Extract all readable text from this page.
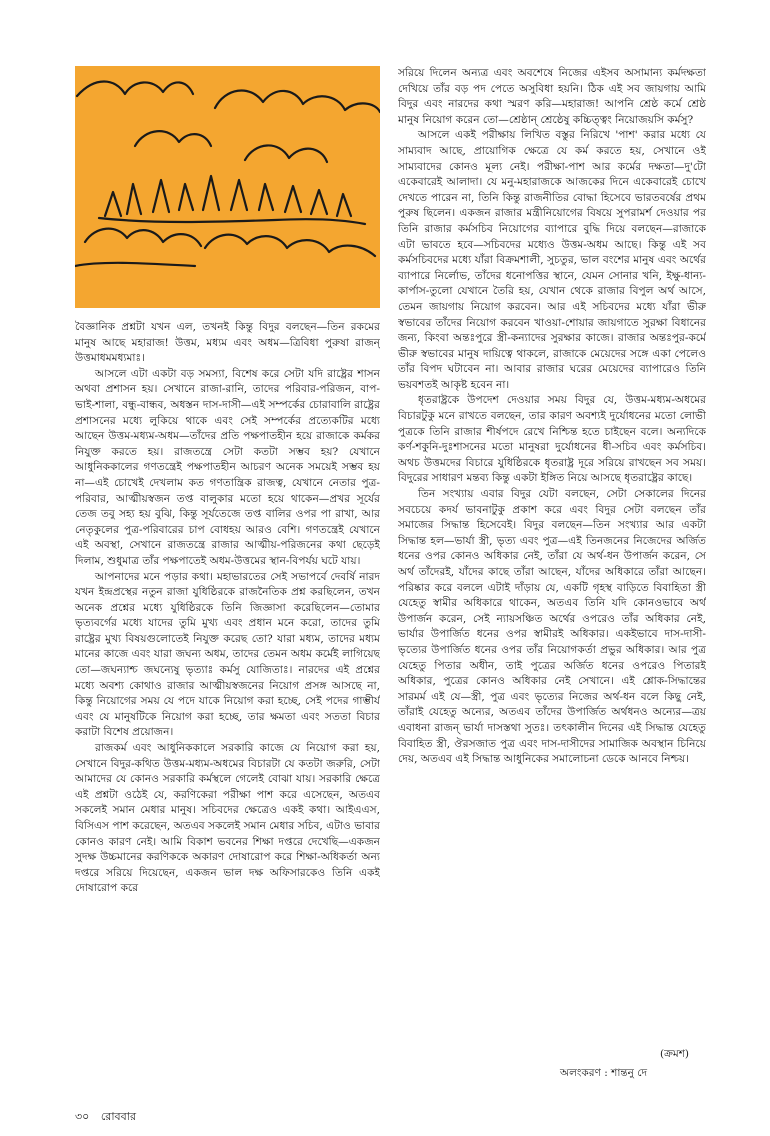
বৈজ্ঞানিক প্রশ্নটা যখন এল, তখনই কিন্তু বিদুর বলছেন—তিন রকমের মানুষ আছে মহারাজ! উত্তম, মধ্যম এবং অধম—ত্রিবিধা পুরুষা রাজন্ উত্তমাধমমধ্যমাঃ।

আসলে এটা একটা বড় সমস্যা, বিশেষ করে সেটা যদি রাষ্ট্রের শাসন অথবা প্রশাসন হয়। সেখানে রাজা-রানি, তাদের পরিবার-পরিজন, বাপ-ভাই-শালা, বন্ধু-বান্ধব, অধস্তন দাস-দাসী—এই সম্পর্কের চোরাবালি রাষ্ট্রের প্রশাসনের মধ্যে লুকিয়ে থাকে এবং সেই সম্পর্কের প্রত্যেকটির মধ্যে আছেন উত্তম-মধ্যম-অধম—তাঁদের প্রতি পক্ষপাতহীন হয়ে রাজাকে কর্মকর নিযুক্ত করতে হয়। রাজতন্ত্রে সেটা কতটা সম্ভব হয়? যেখানে আধুনিককালের গণতন্ত্রেই পক্ষপাতহীন আচরণ অনেক সময়েই সম্ভব হয় না—এই চোখেই দেখলাম কত গণতান্ত্রিক রাজত্ব, যেখানে নেতার পুত্র-পরিবার, আত্মীয়স্বজন তপ্ত বালুকার মতো হয়ে থাকেন—প্রখর সূর্যের তেজ তবু সহ্য হয় বুঝি, কিন্তু সূর্যতেজে তপ্ত বালির ওপর পা রাখা, আর নেতৃকুলের পুত্র-পরিবারের চাপ বোধহয় আরও বেশি। গণতন্ত্রেই যেখানে এই অবস্থা, সেখানে রাজতন্ত্রে রাজার আত্মীয়-পরিজনের কথা ছেড়েই দিলাম, শুধুমাত্র তাঁর পক্ষপাতেই অধম-উত্তমের স্থান-বিপর্যয় ঘটে যায়।

আপনাদের মনে পড়ার কথা। মহাভারতের সেই সভাপর্বে দেবর্ষি নারদ যখন ইন্দ্রপ্রস্থের নতুন রাজা যুধিষ্ঠিরকে রাজনৈতিক প্রশ্ন করছিলেন, তখন অনেক প্রশ্নের মধ্যে যুধিষ্ঠিরকে তিনি জিজ্ঞাসা করেছিলেন—তোমার ভৃত্যবর্গের মধ্যে যাদের তুমি মুখ্য এবং প্রধান মনে করো, তাদের তুমি রাষ্ট্রের মুখ্য বিষয়গুলোতেই নিযুক্ত করেছ তো? যারা মধ্যম, তাদের মধ্যম মানের কাজে এবং যারা জঘন্য অধম, তাদের তেমন অধম কর্মেই লাগিয়েছ তো—জঘন্যাশ্চ জঘন্যেষু ভৃত্যাঃ কর্মসু যোজিতাঃ। নারদের এই প্রশ্নের মধ্যে অবশ্য কোথাও রাজার আত্মীয়স্বজনের নিয়োগ প্রসঙ্গ আসছে না, কিন্তু নিয়োগের সময় যে পদে যাকে নিয়োগ করা হচ্ছে, সেই পদের গাম্ভীর্য এবং যে মানুষটিকে নিয়োগ করা হচ্ছে, তার ক্ষমতা এবং সততা বিচার করাটা বিশেষ প্রয়োজন।

রাজকর্ম এবং আধুনিককালে সরকারি কাজে যে নিয়োগ করা হয়, সেখানে বিদুর-কথিত উত্তম-মধ্যম-অধমের বিচারটা যে কতটা জরুরি, সেটা আমাদের যে কোনও সরকারি কর্মস্থলে গেলেই বোঝা যায়। সরকারি ক্ষেত্রে এই প্রশ্নটা ওঠেই যে, করণিকেরা পরীক্ষা পাশ করে এসেছেন, অতএব সকলেই সমান মেধার মানুষ। সচিবদের ক্ষেত্রেও একই কথা। আইএএস, বিসিএস পাশ করেছেন, অতএব সকলেই সমান মেধার সচিব, এটাও ভাবার কোনও কারণ নেই। আমি বিকাশ ভবনের শিক্ষা দপ্তরে দেখেছি—একজন সুদক্ষ উচ্চমানের করণিককে অকারণ দোষারোপ করে শিক্ষা-অধিকর্তা অন্য দপ্তরে সরিয়ে দিয়েছেন, একজন ভাল দক্ষ অফিসারকেও তিনি একই দোষারোপ করে

সরিয়ে দিলেন অন্যত্র এবং অবশেষে নিজের এইসব অসামান্য কর্মদক্ষতা দেখিয়ে তাঁর বড় পদ পেতে অসুবিধা হয়নি। ঠিক এই সব জায়গায় আমি বিদুর এবং নারদের কথা স্মরণ করি—মহারাজ! আপনি শ্রেষ্ঠ কর্মে শ্রেষ্ঠ মানুষ নিয়োগ করেন তো—শ্রেষ্ঠান্ শ্রেষ্ঠেষু কচ্চিত্ত্বং নিয়োজয়সি কর্মসু?

আসলে একই পরীক্ষায় লিখিত বস্তুর নিরিখে 'পাশ' করার মধ্যে যে সাম্যবাদ আছে, প্রায়োগিক ক্ষেত্রে যে কর্ম করতে হয়, সেখানে ওই সাম্যবাদের কোনও মূল্য নেই। পরীক্ষা-পাশ আর কর্মের দক্ষতা—দু'টো একেবারেই আলাদা। যে মনু-মহারাজকে আজকের দিনে একেবারেই চোখে দেখতে পারেন না, তিনি কিন্তু রাজনীতির বোদ্ধা হিসেবে ভারতবর্ষের প্রথম পুরুষ ছিলেন। একজন রাজার মন্ত্রীনিয়োগের বিষয়ে সুপরামর্শ দেওয়ার পর তিনি রাজার কর্মসচিব নিয়োগের ব্যাপারে বুদ্ধি দিয়ে বলছেন—রাজাকে এটা ভাবতে হবে—সচিবদের মধ্যেও উত্তম-অধম আছে। কিন্তু এই সব কর্মসচিবদের মধ্যে যাঁরা বিক্রমশালী, সুচতুর, ভাল বংশের মানুষ এবং অর্থের ব্যাপারে নির্লোভ, তাঁদের ধনোপত্তির স্থানে, যেমন সোনার খনি, ইক্ষু-ধান্য-কার্পাস-তুলো যেখানে তৈরি হয়, যেখান থেকে রাজার বিপুল অর্থ আসে, তেমন জায়গায় নিয়োগ করবেন। আর এই সচিবদের মধ্যে যাঁরা ভীরু স্বভাবের তাঁদের নিয়োগ করবেন খাওয়া-শোয়ার জায়গাতে সুরক্ষা বিধানের জন্য, কিংবা অন্তঃপুরে স্ত্রী-কন্যাদের সুরক্ষার কাজে। রাজার অন্তঃপুর-কর্মে ভীরু স্বভাবের মানুষ দায়িত্বে থাকলে, রাজাকে মেয়েদের সঙ্গে একা পেলেও তাঁর বিপদ ঘটাবেন না। আবার রাজার ঘরের মেয়েদের ব্যাপারেও তিনি ভয়বশতই আকৃষ্ট হবেন না।

ধৃতরাষ্ট্রকে উপদেশ দেওয়ার সময় বিদুর যে, উত্তম-মধ্যম-অধমের বিচারটুকু মনে রাখতে বলছেন, তার কারণ অবশ্যই দুর্যোধনের মতো লোভী পুত্রকে তিনি রাজার শীর্ষপদে রেখে নিশ্চিন্ত হতে চাইছেন বলে। অন্যদিকে কর্ণ-শকুনি-দুঃশাসনের মতো মানুষরা দুর্যোধনের ধী-সচিব এবং কর্মসচিব। অথচ উত্তমদের বিচারে যুধিষ্ঠিরকে ধৃতরাষ্ট্র দূরে সরিয়ে রাখছেন সব সময়। বিদুরের সাধারণ মন্তব্য কিন্তু একটা ইঙ্গিত নিয়ে আসছে ধৃতরাষ্ট্রের কাছে।

তিন সংখ্যায় এবার বিদুর যেটা বলছেন, সেটা সেকালের দিনের সবচেয়ে কদর্য ভাবনাটুকু প্রকাশ করে এবং বিদুর সেটা বলছেন তাঁর সমাজের সিদ্ধান্ত হিসেবেই। বিদুর বলছেন—তিন সংখ্যার আর একটা সিদ্ধান্ত হল—ভার্যা স্ত্রী, ভৃত্য এবং পুত্র—এই তিনজনের নিজেদের অর্জিত ধনের ওপর কোনও অধিকার নেই, তাঁরা যে অর্থ-ধন উপার্জন করেন, সে অর্থ তাঁদেরই, যাঁদের কাছে তাঁরা আছেন, যাঁদের অধিকারে তাঁরা আছেন। পরিষ্কার করে বললে এটাই দাঁড়ায় যে, একটি গৃহস্থ বাড়িতে বিবাহিতা স্ত্রী যেহেতু স্বামীর অধিকারে থাকেন, অতএব তিনি যদি কোনওভাবে অর্থ উপার্জন করেন, সেই ন্যায়সঞ্চিত অর্থের ওপরেও তাঁর অধিকার নেই, ভার্যার উপার্জিত ধনের ওপর স্বামীরই অধিকার। একইভাবে দাস-দাসী-ভৃত্যের উপার্জিত ধনের ওপর তাঁর নিয়োগকর্তা প্রভুর অধিকার। আর পুত্র যেহেতু পিতার অধীন, তাই পুত্রের অর্জিত ধনের ওপরেও পিতারই অধিকার, পুত্রের কোনও অধিকার নেই সেখানে। এই শ্লোক-সিদ্ধান্তের সারমর্ম এই যে—স্ত্রী, পুত্র এবং ভৃত্যের নিজের অর্থ-ধন বলে কিছু নেই, তাঁরাই যেহেতু অন্যের, অতএব তাঁদের উপার্জিত অর্থধনও অন্যের—ত্রয় এবাধনা রাজন্ ভার্যা দাসস্তথা সুতঃ। তৎকালীন দিনের এই সিদ্ধান্ত যেহেতু বিবাহিত স্ত্রী, ঔরসজাত পুত্র এবং দাস-দাসীদের সামাজিক অবস্থান চিনিয়ে দেয়, অতএব এই সিদ্ধান্ত আধুনিকের সমালোচনা ডেকে আনবে নিশ্চয়।

(ক্রমশ)
অলংকরণ : শান্তনু দে
৩০ রোববার
